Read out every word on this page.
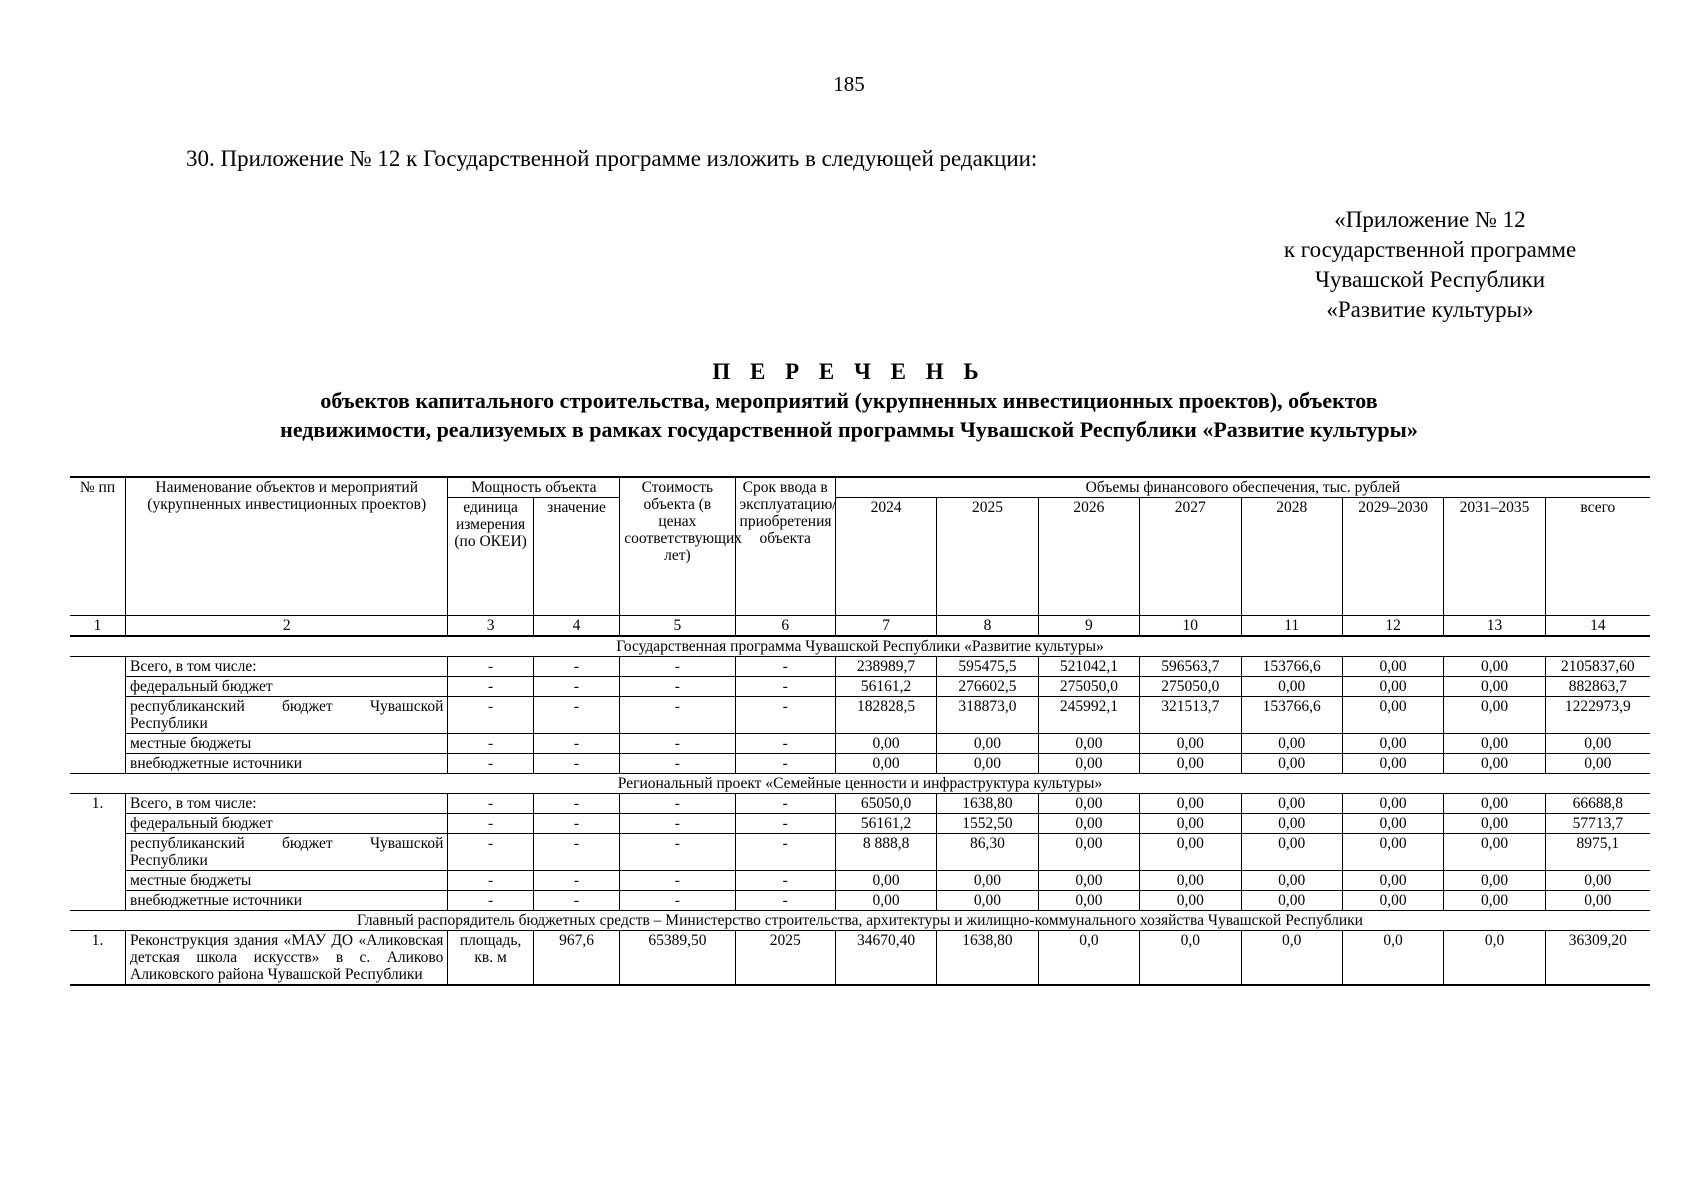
185
30. Приложение № 12 к Государственной программе изложить в следующей редакции:
«Приложение № 12
к государственной программе
Чувашской Республики
«Развитие культуры»
П Е Р Е Ч Е Н Ь
объектов капитального строительства, мероприятий (укрупненных инвестиционных проектов), объектов
недвижимости, реализуемых в рамках государственной программы Чувашской Республики «Развитие культуры»
№ пп	Наименование объектов и мероприятий (укрупненных инвестиционных проектов)	Мощность объекта		Стоимость объекта (в ценах соответствующих лет)	Срок ввода в эксплуатацию/ приобретения объекта	Объемы финансового обеспечения, тыс. рублей							
		единица измерения (по ОКЕИ)	значение			2024	2025	2026	2027	2028	2029–2030	2031–2035	всего
1	2	3	4	5	6	7	8	9	10	11	12	13	14
Государственная программа Чувашской Республики «Развитие культуры»													
	Всего, в том числе:	-	-	-	-	238989,7	595475,5	521042,1	596563,7	153766,6	0,00	0,00	2105837,60
	федеральный бюджет	-	-	-	-	56161,2	276602,5	275050,0	275050,0	0,00	0,00	0,00	882863,7
	республиканский бюджет Чувашской Республики	-	-	-	-	182828,5	318873,0	245992,1	321513,7	153766,6	0,00	0,00	1222973,9
	местные бюджеты	-	-	-	-	0,00	0,00	0,00	0,00	0,00	0,00	0,00	0,00
	внебюджетные источники	-	-	-	-	0,00	0,00	0,00	0,00	0,00	0,00	0,00	0,00
Региональный проект «Семейные ценности и инфраструктура культуры»													
1.	Всего, в том числе:	-	-	-	-	65050,0	1638,80	0,00	0,00	0,00	0,00	0,00	66688,8
	федеральный бюджет	-	-	-	-	56161,2	1552,50	0,00	0,00	0,00	0,00	0,00	57713,7
	республиканский бюджет Чувашской Республики	-	-	-	-	8 888,8	86,30	0,00	0,00	0,00	0,00	0,00	8975,1
	местные бюджеты	-	-	-	-	0,00	0,00	0,00	0,00	0,00	0,00	0,00	0,00
	внебюджетные источники	-	-	-	-	0,00	0,00	0,00	0,00	0,00	0,00	0,00	0,00
Главный распорядитель бюджетных средств – Министерство строительства, архитектуры и жилищно-коммунального хозяйства Чувашской Республики													
1.	Реконструкция здания «МАУ ДО «Аликовская детская школа искусств» в с. Аликово Аликовского района Чувашской Республики	площадь, кв. м	967,6	65389,50	2025	34670,40	1638,80	0,0	0,0	0,0	0,0	0,0	36309,20
